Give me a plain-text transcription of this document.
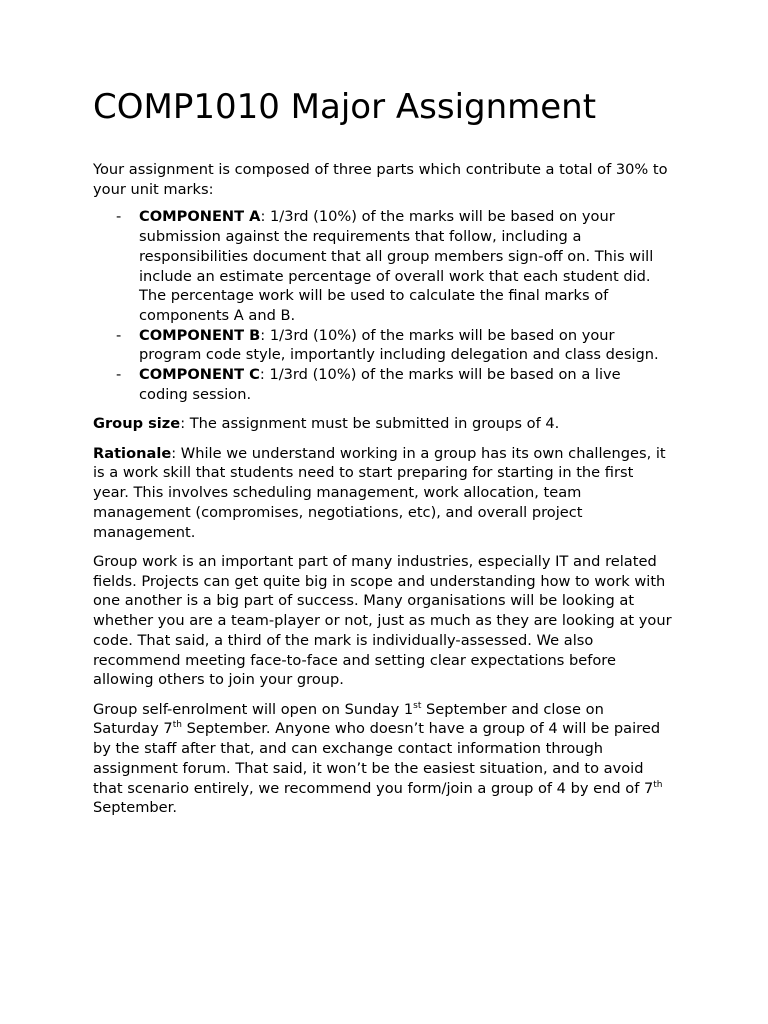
COMP1010 Major Assignment

Your assignment is composed of three parts which contribute a total of 30% to your unit marks:

- COMPONENT A: 1/3rd (10%) of the marks will be based on your submission against the requirements that follow, including a responsibilities document that all group members sign-off on. This will include an estimate percentage of overall work that each student did. The percentage work will be used to calculate the final marks of components A and B.
- COMPONENT B: 1/3rd (10%) of the marks will be based on your program code style, importantly including delegation and class design.
- COMPONENT C: 1/3rd (10%) of the marks will be based on a live coding session.

Group size: The assignment must be submitted in groups of 4.

Rationale: While we understand working in a group has its own challenges, it is a work skill that students need to start preparing for starting in the first year. This involves scheduling management, work allocation, team management (compromises, negotiations, etc), and overall project management.

Group work is an important part of many industries, especially IT and related fields. Projects can get quite big in scope and understanding how to work with one another is a big part of success. Many organisations will be looking at whether you are a team-player or not, just as much as they are looking at your code. That said, a third of the mark is individually-assessed. We also recommend meeting face-to-face and setting clear expectations before allowing others to join your group.

Group self-enrolment will open on Sunday 1st September and close on Saturday 7th September. Anyone who doesn’t have a group of 4 will be paired by the staff after that, and can exchange contact information through assignment forum. That said, it won’t be the easiest situation, and to avoid that scenario entirely, we recommend you form/join a group of 4 by end of 7th September.
